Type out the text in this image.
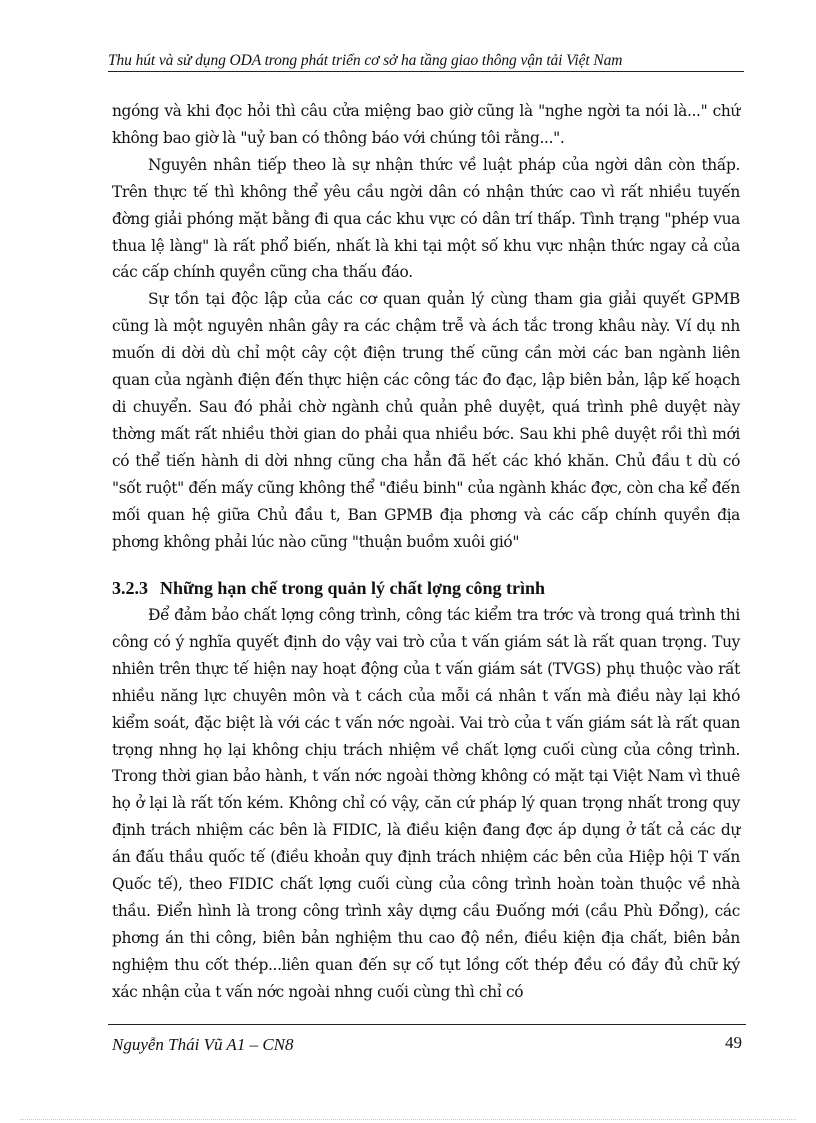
Thu hút và sử dụng ODA trong phát triển cơ sở ha tầng giao thông vận tải Việt Nam

ngóng và khi đọc hỏi thì câu cửa miệng bao giờ cũng là "nghe ngời ta nói là..." chứ không bao giờ là "uỷ ban có thông báo với chúng tôi rằng...".

Nguyên nhân tiếp theo là sự nhận thức về luật pháp của ngời dân còn thấp. Trên thực tế thì không thể yêu cầu ngời dân có nhận thức cao vì rất nhiều tuyến đờng giải phóng mặt bằng đi qua các khu vực có dân trí thấp. Tình trạng "phép vua thua lệ làng" là rất phổ biến, nhất là khi tại một số khu vực nhận thức ngay cả của các cấp chính quyền cũng cha thấu đáo.

Sự tồn tại độc lập của các cơ quan quản lý cùng tham gia giải quyết GPMB cũng là một nguyên nhân gây ra các chậm trễ và ách tắc trong khâu này. Ví dụ nh muốn di dời dù chỉ một cây cột điện trung thế cũng cần mời các ban ngành liên quan của ngành điện đến thực hiện các công tác đo đạc, lập biên bản, lập kế hoạch di chuyển. Sau đó phải chờ ngành chủ quản phê duyệt, quá trình phê duyệt này thờng mất rất nhiều thời gian do phải qua nhiều bớc. Sau khi phê duyệt rồi thì mới có thể tiến hành di dời nhng cũng cha hẳn đã hết các khó khăn. Chủ đầu t dù có "sốt ruột" đến mấy cũng không thể "điều binh" của ngành khác đợc, còn cha kể đến mối quan hệ giữa Chủ đầu t, Ban GPMB địa phơng và các cấp chính quyền địa phơng không phải lúc nào cũng "thuận buồm xuôi gió"

3.2.3 Những hạn chế trong quản lý chất lợng công trình

Để đảm bảo chất lợng công trình, công tác kiểm tra trớc và trong quá trình thi công có ý nghĩa quyết định do vậy vai trò của t vấn giám sát là rất quan trọng. Tuy nhiên trên thực tế hiện nay hoạt động của t vấn giám sát (TVGS) phụ thuộc vào rất nhiều năng lực chuyên môn và t cách của mỗi cá nhân t vấn mà điều này lại khó kiểm soát, đặc biệt là với các t vấn nớc ngoài. Vai trò của t vấn giám sát là rất quan trọng nhng họ lại không chịu trách nhiệm về chất lợng cuối cùng của công trình. Trong thời gian bảo hành, t vấn nớc ngoài thờng không có mặt tại Việt Nam vì thuê họ ở lại là rất tốn kém. Không chỉ có vậy, căn cứ pháp lý quan trọng nhất trong quy định trách nhiệm các bên là FIDIC, là điều kiện đang đợc áp dụng ở tất cả các dự án đấu thầu quốc tế (điều khoản quy định trách nhiệm các bên của Hiệp hội T vấn Quốc tế), theo FIDIC chất lợng cuối cùng của công trình hoàn toàn thuộc về nhà thầu. Điển hình là trong công trình xây dựng cầu Đuống mới (cầu Phù Đổng), các phơng án thi công, biên bản nghiệm thu cao độ nền, điều kiện địa chất, biên bản nghiệm thu cốt thép...liên quan đến sự cố tụt lồng cốt thép đều có đầy đủ chữ ký xác nhận của t vấn nớc ngoài nhng cuối cùng thì chỉ có

Nguyễn Thái Vũ A1 – CN8	49
